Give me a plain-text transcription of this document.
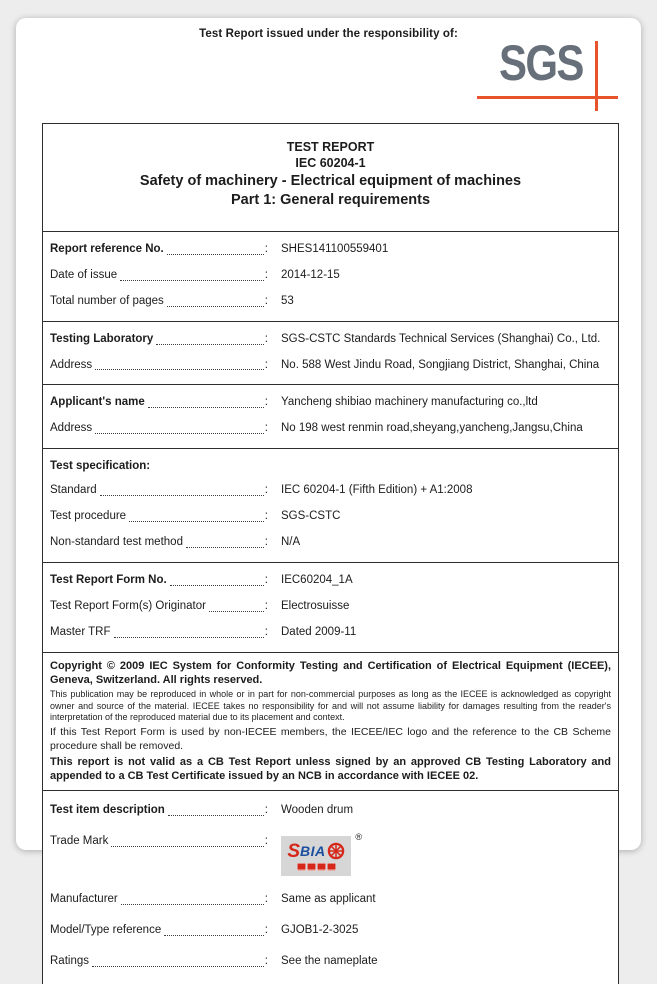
Test Report issued under the responsibility of:
SGS
TEST REPORT
IEC 60204-1
Safety of machinery - Electrical equipment of machines
Part 1: General requirements
Report reference No.	:	SHES141100559401
Date of issue	:	2014-12-15
Total number of pages	:	53
Testing Laboratory	:	SGS-CSTC Standards Technical Services (Shanghai) Co., Ltd.
Address	:	No. 588 West Jindu Road, Songjiang District, Shanghai, China
Applicant's name	:	Yancheng shibiao machinery manufacturing co.,ltd
Address	:	No 198 west renmin road,sheyang,yancheng,Jangsu,China
Test specification:
Standard	:	IEC 60204-1 (Fifth Edition) + A1:2008
Test procedure	:	SGS-CSTC
Non-standard test method	:	N/A
Test Report Form No.	:	IEC60204_1A
Test Report Form(s) Originator	:	Electrosuisse
Master TRF	:	Dated 2009-11
Copyright © 2009 IEC System for Conformity Testing and Certification of Electrical Equipment (IECEE), Geneva, Switzerland. All rights reserved.
This publication may be reproduced in whole or in part for non-commercial purposes as long as the IECEE is acknowledged as copyright owner and source of the material. IECEE takes no responsibility for and will not assume liability for damages resulting from the reader's interpretation of the reproduced material due to its placement and context.
If this Test Report Form is used by non-IECEE members, the IECEE/IEC logo and the reference to the CB Scheme procedure shall be removed.
This report is not valid as a CB Test Report unless signed by an approved CB Testing Laboratory and appended to a CB Test Certificate issued by an NCB in accordance with IECEE 02.
Test item description	:	Wooden drum
Trade Mark	: S BIA
®
Manufacturer	:	Same as applicant
Model/Type reference	:	GJOB1-2-3025
Ratings	:	See the nameplate
